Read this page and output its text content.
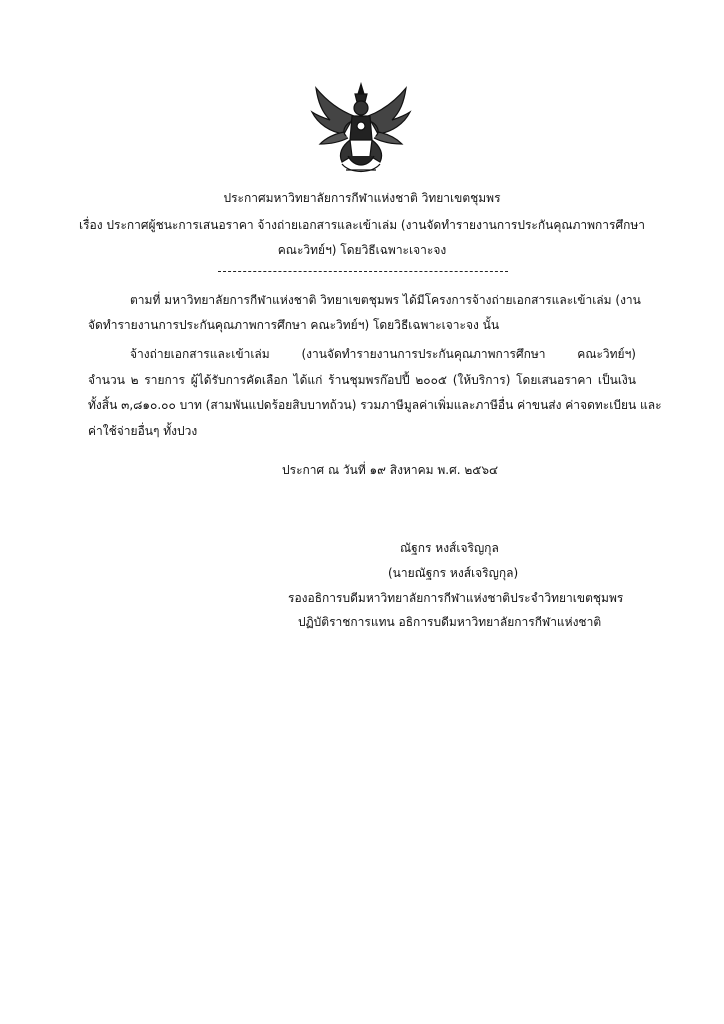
ประกาศมหาวิทยาลัยการกีฬาแห่งชาติ วิทยาเขตชุมพร
เรื่อง ประกาศผู้ชนะการเสนอราคา จ้างถ่ายเอกสารและเข้าเล่ม (งานจัดทำรายงานการประกันคุณภาพการศึกษา
คณะวิทย์ฯ) โดยวิธีเฉพาะเจาะจง
ตามที่ มหาวิทยาลัยการกีฬาแห่งชาติ วิทยาเขตชุมพร ได้มีโครงการจ้างถ่ายเอกสารและเข้าเล่ม (งาน
จัดทำรายงานการประกันคุณภาพการศึกษา คณะวิทย์ฯ) โดยวิธีเฉพาะเจาะจง นั้น
จ้างถ่ายเอกสารและเข้าเล่ม (งานจัดทำรายงานการประกันคุณภาพการศึกษา คณะวิทย์ฯ)
จำนวน ๒ รายการ ผู้ได้รับการคัดเลือก ได้แก่ ร้านชุมพรก๊อปปี้ ๒๐๐๕ (ให้บริการ) โดยเสนอราคา เป็นเงิน
ทั้งสิ้น ๓,๘๑๐.๐๐ บาท (สามพันแปดร้อยสิบบาทถ้วน) รวมภาษีมูลค่าเพิ่มและภาษีอื่น ค่าขนส่ง ค่าจดทะเบียน และ
ค่าใช้จ่ายอื่นๆ ทั้งปวง
ประกาศ ณ วันที่ ๑๙ สิงหาคม พ.ศ. ๒๕๖๔
ณัฐกร หงส์เจริญกุล
(นายณัฐกร หงส์เจริญกุล)
รองอธิการบดีมหาวิทยาลัยการกีฬาแห่งชาติประจำวิทยาเขตชุมพร
ปฏิบัติราชการแทน อธิการบดีมหาวิทยาลัยการกีฬาแห่งชาติ
